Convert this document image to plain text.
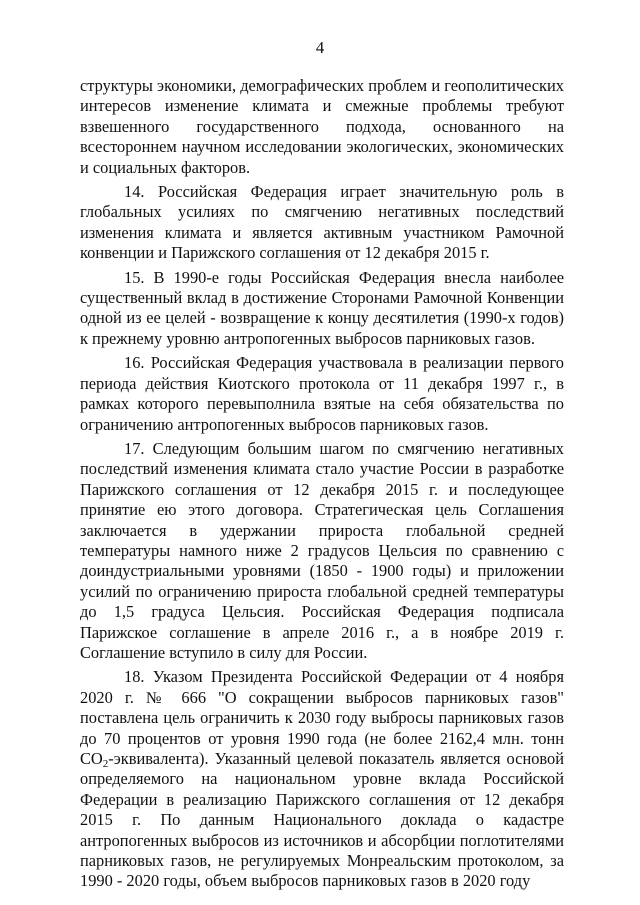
4

структуры экономики, демографических проблем и геополитических интересов изменение климата и смежные проблемы требуют взвешенного государственного подхода, основанного на всестороннем научном исследовании экологических, экономических и социальных факторов.

14. Российская Федерация играет значительную роль в глобальных усилиях по смягчению негативных последствий изменения климата и является активным участником Рамочной конвенции и Парижского соглашения от 12 декабря 2015 г.

15. В 1990-е годы Российская Федерация внесла наиболее существенный вклад в достижение Сторонами Рамочной Конвенции одной из ее целей - возвращение к концу десятилетия (1990-х годов) к прежнему уровню антропогенных выбросов парниковых газов.

16. Российская Федерация участвовала в реализации первого периода действия Киотского протокола от 11 декабря 1997 г., в рамках которого перевыполнила взятые на себя обязательства по ограничению антропогенных выбросов парниковых газов.

17. Следующим большим шагом по смягчению негативных последствий изменения климата стало участие России в разработке Парижского соглашения от 12 декабря 2015 г. и последующее принятие ею этого договора. Стратегическая цель Соглашения заключается в удержании прироста глобальной средней температуры намного ниже 2 градусов Цельсия по сравнению с доиндустриальными уровнями (1850 - 1900 годы) и приложении усилий по ограничению прироста глобальной средней температуры до 1,5 градуса Цельсия. Российская Федерация подписала Парижское соглашение в апреле 2016 г., а в ноябре 2019 г. Соглашение вступило в силу для России.

18. Указом Президента Российской Федерации от 4 ноября 2020 г. № 666 "О сокращении выбросов парниковых газов" поставлена цель ограничить к 2030 году выбросы парниковых газов до 70 процентов от уровня 1990 года (не более 2162,4 млн. тонн $СО_2-эквивалента$). Указанный целевой показатель является основой определяемого на национальном уровне вклада Российской Федерации в реализацию Парижского соглашения от 12 декабря 2015 г. По данным Национального доклада о кадастре антропогенных выбросов из источников и абсорбции поглотителями парниковых газов, не регулируемых Монреальским протоколом, за 1990 - 2020 годы, объем выбросов парниковых газов в 2020 году
